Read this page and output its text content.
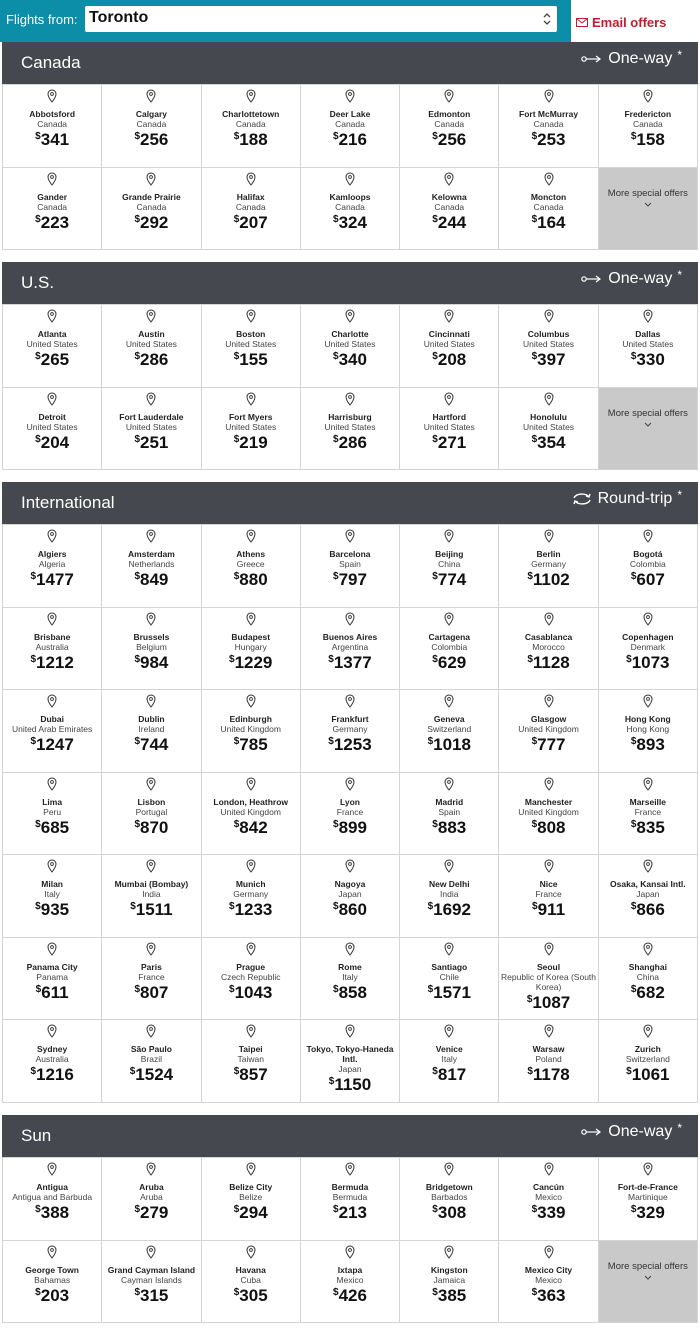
Flights from: Toronto	Email offers
Canada	One-way *
Abbotsford
Canada
$341
Calgary
Canada
$256
Charlottetown
Canada
$188
Deer Lake
Canada
$216
Edmonton
Canada
$256
Fort McMurray
Canada
$253
Fredericton
Canada
$158
Gander
Canada
$223
Grande Prairie
Canada
$292
Halifax
Canada
$207
Kamloops
Canada
$324
Kelowna
Canada
$244
Moncton
Canada
$164
More special offers
U.S.	One-way *
Atlanta
United States
$265
Austin
United States
$286
Boston
United States
$155
Charlotte
United States
$340
Cincinnati
United States
$208
Columbus
United States
$397
Dallas
United States
$330
Detroit
United States
$204
Fort Lauderdale
United States
$251
Fort Myers
United States
$219
Harrisburg
United States
$286
Hartford
United States
$271
Honolulu
United States
$354
More special offers
International	Round-trip *
Algiers
Algeria
$1477
Amsterdam
Netherlands
$849
Athens
Greece
$880
Barcelona
Spain
$797
Beijing
China
$774
Berlin
Germany
$1102
Bogotá
Colombia
$607
Brisbane
Australia
$1212
Brussels
Belgium
$984
Budapest
Hungary
$1229
Buenos Aires
Argentina
$1377
Cartagena
Colombia
$629
Casablanca
Morocco
$1128
Copenhagen
Denmark
$1073
Dubai
United Arab Emirates
$1247
Dublin
Ireland
$744
Edinburgh
United Kingdom
$785
Frankfurt
Germany
$1253
Geneva
Switzerland
$1018
Glasgow
United Kingdom
$777
Hong Kong
Hong Kong
$893
Lima
Peru
$685
Lisbon
Portugal
$870
London, Heathrow
United Kingdom
$842
Lyon
France
$899
Madrid
Spain
$883
Manchester
United Kingdom
$808
Marseille
France
$835
Milan
Italy
$935
Mumbai (Bombay)
India
$1511
Munich
Germany
$1233
Nagoya
Japan
$860
New Delhi
India
$1692
Nice
France
$911
Osaka, Kansai Intl.
Japan
$866
Panama City
Panama
$611
Paris
France
$807
Prague
Czech Republic
$1043
Rome
Italy
$858
Santiago
Chile
$1571
Seoul
Republic of Korea (South Korea)
$1087
Shanghai
China
$682
Sydney
Australia
$1216
São Paulo
Brazil
$1524
Taipei
Taiwan
$857
Tokyo, Tokyo-Haneda Intl.
Japan
$1150
Venice
Italy
$817
Warsaw
Poland
$1178
Zurich
Switzerland
$1061
Sun	One-way *
Antigua
Antigua and Barbuda
$388
Aruba
Aruba
$279
Belize City
Belize
$294
Bermuda
Bermuda
$213
Bridgetown
Barbados
$308
Cancún
Mexico
$339
Fort-de-France
Martinique
$329
George Town
Bahamas
$203
Grand Cayman Island
Cayman Islands
$315
Havana
Cuba
$305
Ixtapa
Mexico
$426
Kingston
Jamaica
$385
Mexico City
Mexico
$363
More special offers
